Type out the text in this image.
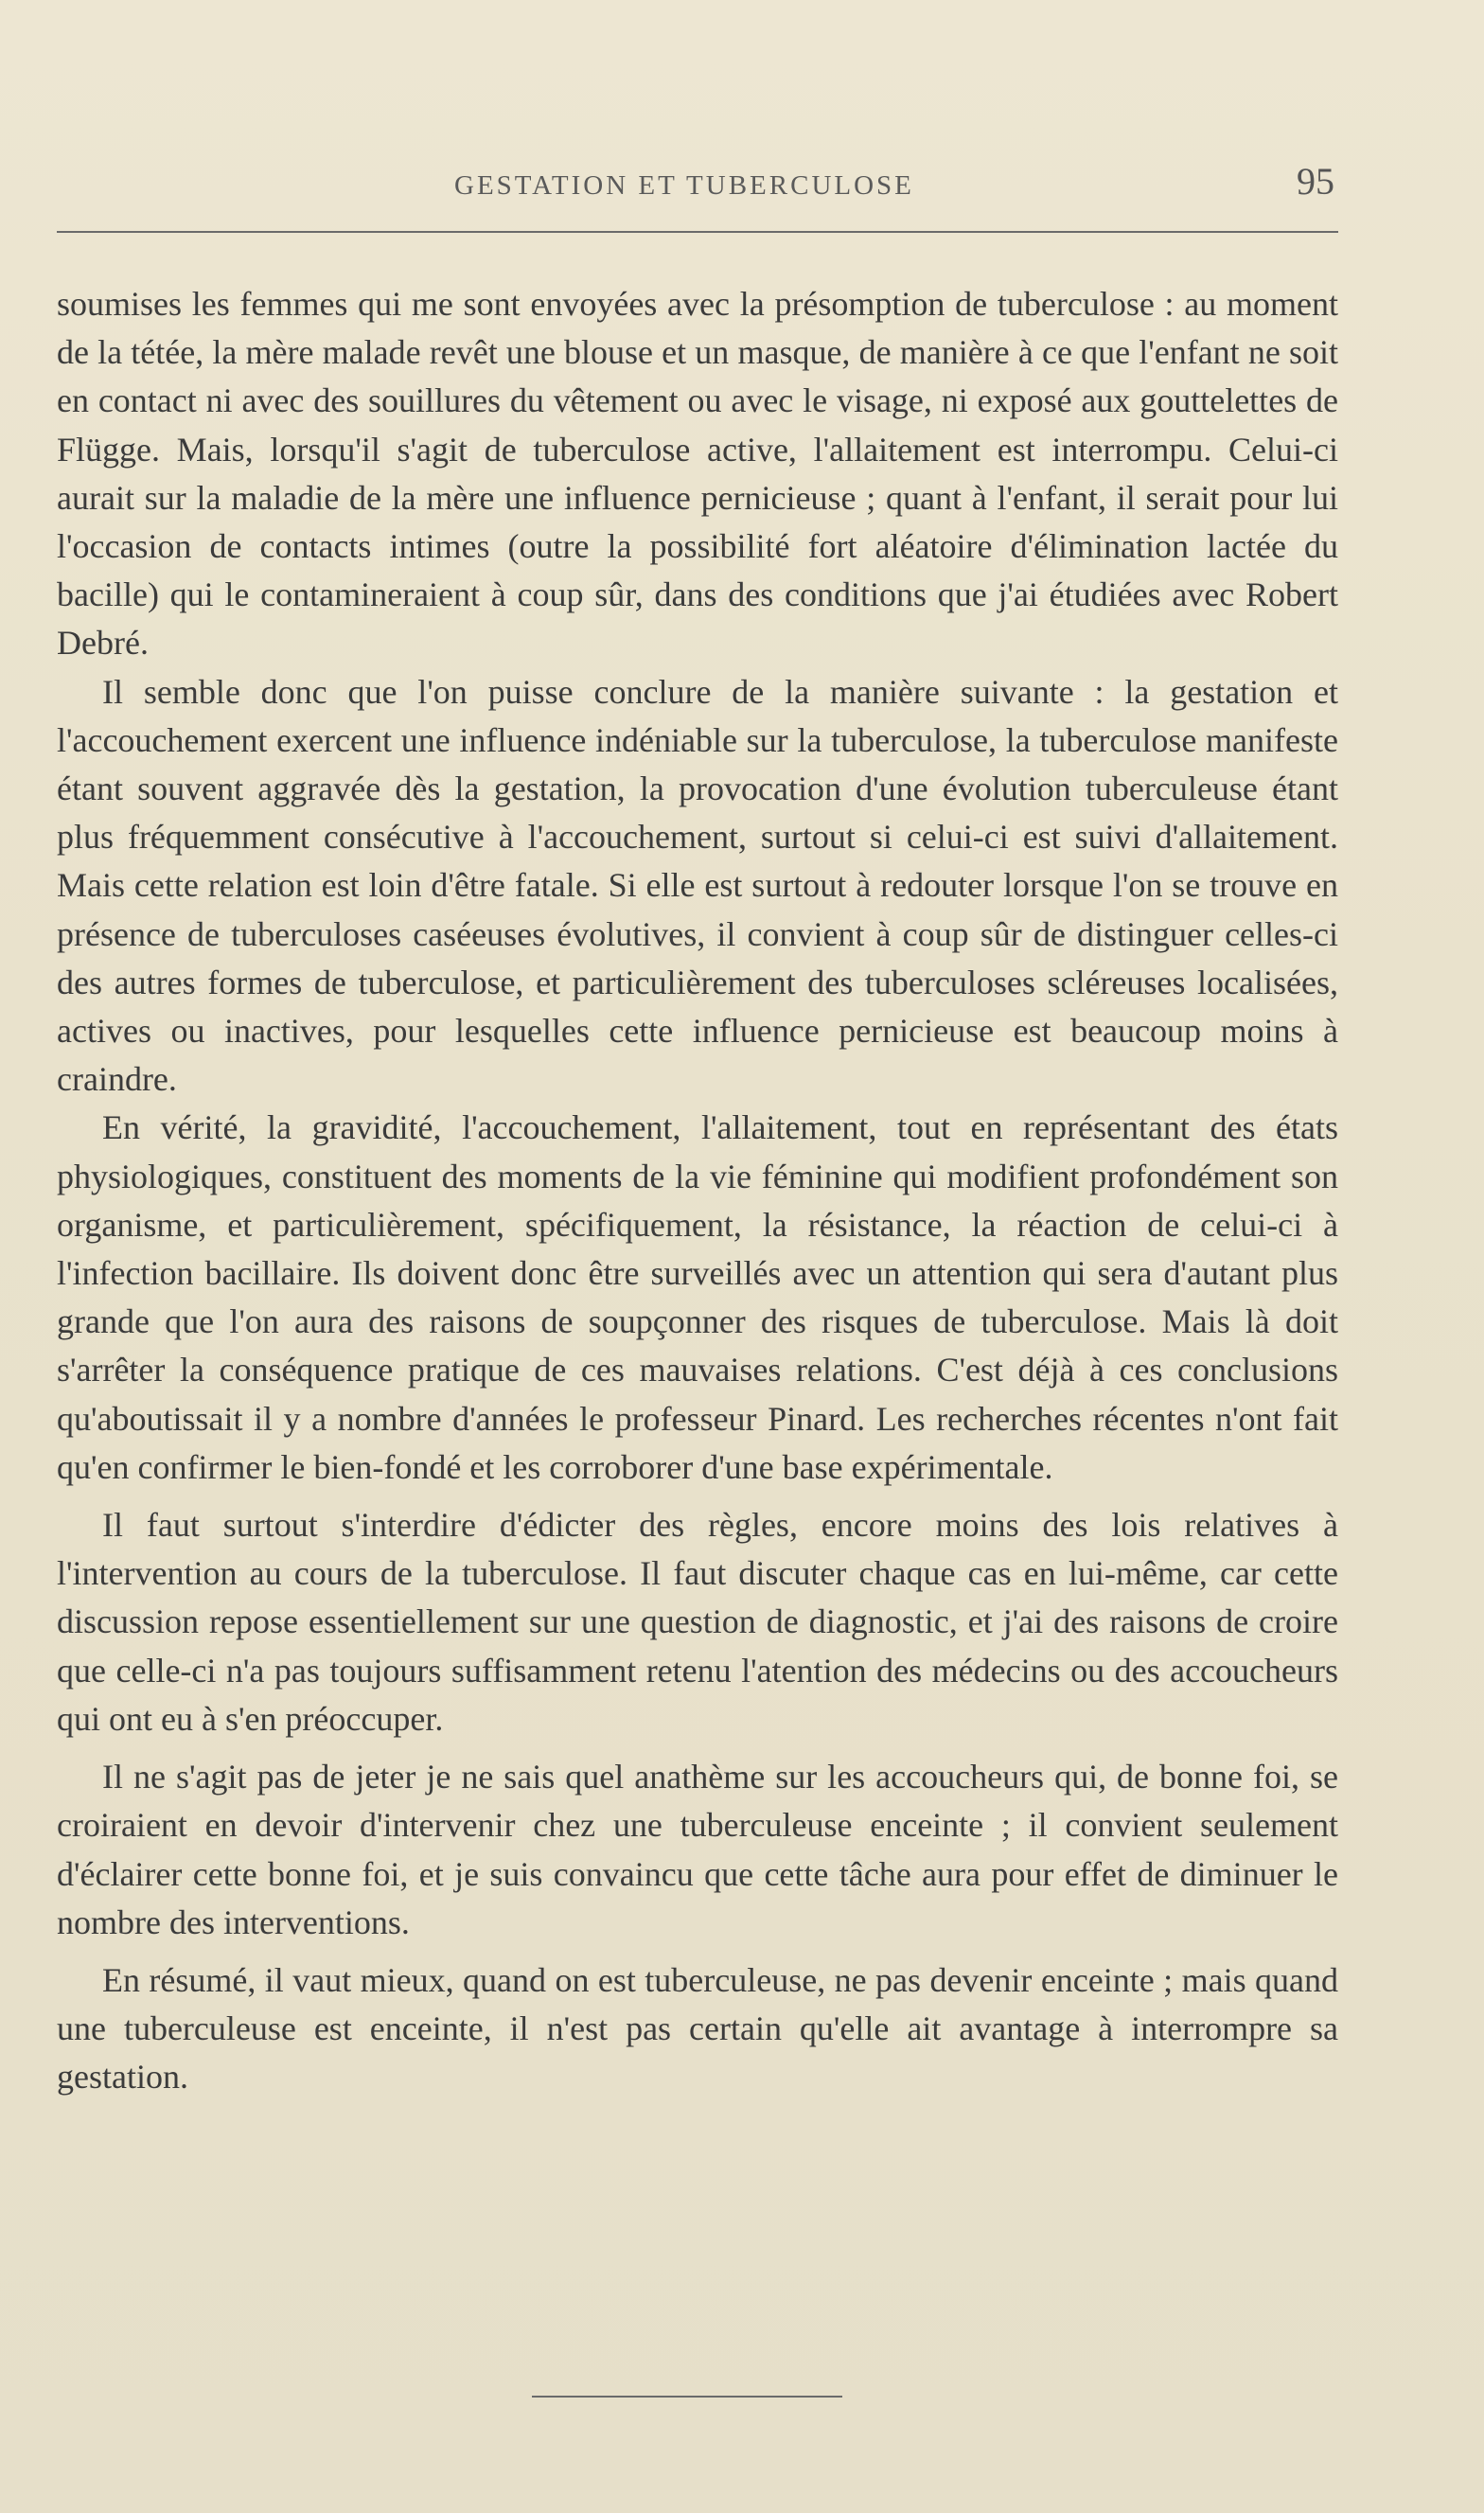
GESTATION ET TUBERCULOSE	95

soumises les femmes qui me sont envoyées avec la présomption de tuberculose : au moment de la tétée, la mère malade revêt une blouse et un masque, de manière à ce que l'enfant ne soit en contact ni avec des souillures du vêtement ou avec le visage, ni exposé aux gouttelettes de Flügge. Mais, lorsqu'il s'agit de tuberculose active, l'allaitement est interrompu. Celui-ci aurait sur la maladie de la mère une influence pernicieuse ; quant à l'enfant, il serait pour lui l'occasion de contacts intimes (outre la possibilité fort aléatoire d'élimination lactée du bacille) qui le contamineraient à coup sûr, dans des conditions que j'ai étudiées avec Robert Debré.

Il semble donc que l'on puisse conclure de la manière suivante : la gestation et l'accouchement exercent une influence indéniable sur la tuberculose, la tuberculose manifeste étant souvent aggravée dès la gestation, la provocation d'une évolution tuberculeuse étant plus fréquemment consécutive à l'accouchement, surtout si celui-ci est suivi d'allaitement. Mais cette relation est loin d'être fatale. Si elle est surtout à redouter lorsque l'on se trouve en présence de tuberculoses caséeuses évolutives, il convient à coup sûr de distinguer celles-ci des autres formes de tuberculose, et particulièrement des tuberculoses scléreuses localisées, actives ou inactives, pour lesquelles cette influence pernicieuse est beaucoup moins à craindre.

En vérité, la gravidité, l'accouchement, l'allaitement, tout en représentant des états physiologiques, constituent des moments de la vie féminine qui modifient profondément son organisme, et particulièrement, spécifiquement, la résistance, la réaction de celui-ci à l'infection bacillaire. Ils doivent donc être surveillés avec un attention qui sera d'autant plus grande que l'on aura des raisons de soupçonner des risques de tuberculose. Mais là doit s'arrêter la conséquence pratique de ces mauvaises relations. C'est déjà à ces conclusions qu'aboutissait il y a nombre d'années le professeur Pinard. Les recherches récentes n'ont fait qu'en confirmer le bien-fondé et les corroborer d'une base expérimentale.

Il faut surtout s'interdire d'édicter des règles, encore moins des lois relatives à l'intervention au cours de la tuberculose. Il faut discuter chaque cas en lui-même, car cette discussion repose essentiellement sur une question de diagnostic, et j'ai des raisons de croire que celle-ci n'a pas toujours suffisamment retenu l'atention des médecins ou des accoucheurs qui ont eu à s'en préoccuper.

Il ne s'agit pas de jeter je ne sais quel anathème sur les accoucheurs qui, de bonne foi, se croiraient en devoir d'intervenir chez une tuberculeuse enceinte ; il convient seulement d'éclairer cette bonne foi, et je suis convaincu que cette tâche aura pour effet de diminuer le nombre des interventions.

En résumé, il vaut mieux, quand on est tuberculeuse, ne pas devenir enceinte ; mais quand une tuberculeuse est enceinte, il n'est pas certain qu'elle ait avantage à interrompre sa gestation.
